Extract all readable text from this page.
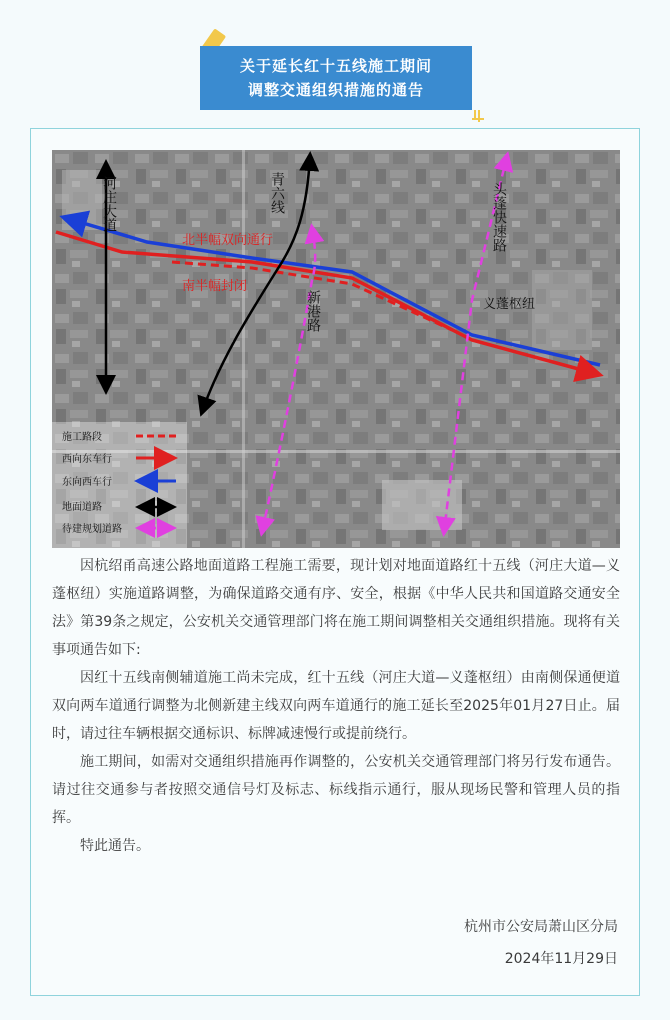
关于延长红十五线施工期间
调整交通组织措施的通告
河庄大道	青六线
新港路
头蓬快速路
义蓬枢纽
北半幅双向通行
南半幅封闭
施工路段
西向东车行
东向西车行
地面道路
待建规划道路

因杭绍甬高速公路地面道路工程施工需要，现计划对地面道路红十五线（河庄大道—义蓬枢纽）实施道路调整，为确保道路交通有序、安全，根据《中华人民共和国道路交通安全法》第39条之规定，公安机关交通管理部门将在施工期间调整相关交通组织措施。现将有关事项通告如下:

因红十五线南侧辅道施工尚未完成，红十五线（河庄大道—义蓬枢纽）由南侧保通便道双向两车道通行调整为北侧新建主线双向两车道通行的施工延长至2025年01月27日止。届时，请过往车辆根据交通标识、标牌减速慢行或提前绕行。

施工期间，如需对交通组织措施再作调整的，公安机关交通管理部门将另行发布通告。请过往交通参与者按照交通信号灯及标志、标线指示通行，服从现场民警和管理人员的指挥。

特此通告。

杭州市公安局萧山区分局
2024年11月29日
